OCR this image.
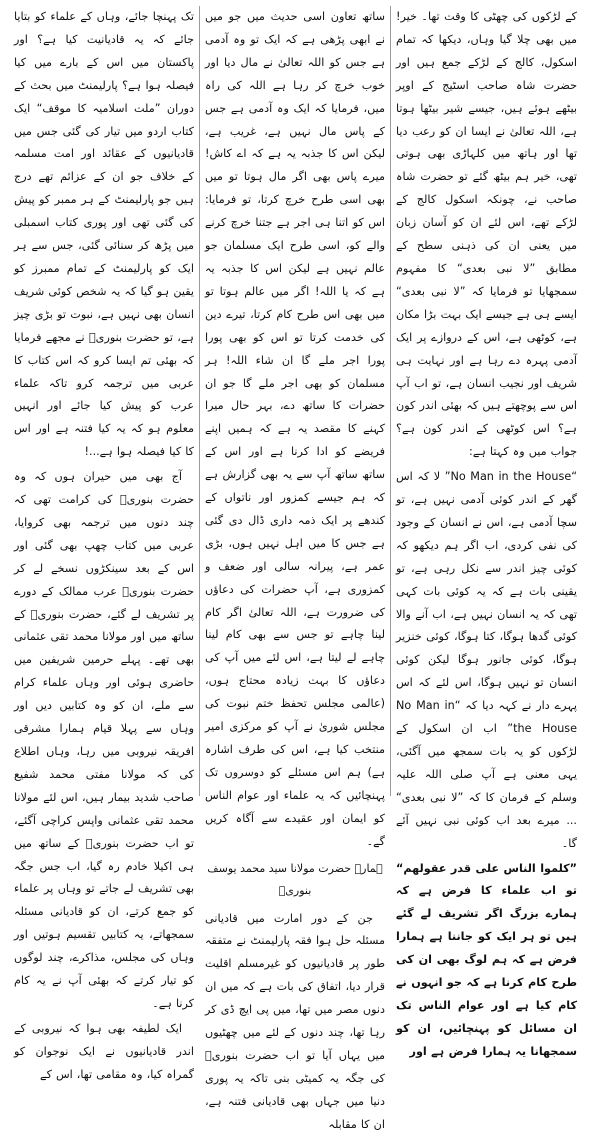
کے لڑکوں کی چھٹی کا وقت تھا۔ خیر! میں بھی چلا گیا وہاں، دیکھا کہ تمام اسکول، کالج کے لڑکے جمع ہیں اور حضرت شاہ صاحب اسٹیج کے اوپر بیٹھے ہوئے ہیں، جیسے شیر بیٹھا ہوتا ہے، اللہ تعالیٰ نے ایسا ان کو رعب دیا تھا اور ہاتھ میں کلہاڑی بھی ہوتی تھی، خیر ہم بیٹھ گئے تو حضرت شاہ صاحب نے، چونکہ اسکول کالج کے لڑکے تھے، اس لئے ان کو آسان زبان میں یعنی ان کی ذہنی سطح کے مطابق ”لا نبی بعدی“ کا مفہوم سمجھایا تو فرمایا کہ ”لا نبی بعدی“ ایسے ہی ہے جیسے ایک بہت بڑا مکان ہے، کوٹھی ہے، اس کے دروازے پر ایک آدمی پہرہ دے رہا ہے اور نہایت ہی شریف اور نجیب انسان ہے، تو اب آپ اس سے پوچھتے ہیں کہ بھئی اندر کون ہے؟ اس کوٹھی کے اندر کون ہے؟ جواب میں وہ کہتا ہے:

“No Man in the House” لا کہ اس گھر کے اندر کوئی آدمی نہیں ہے، تو سچا آدمی ہے، اس نے انسان کے وجود کی نفی کردی، اب اگر ہم دیکھو کہ کوئی چیز اندر سے نکل رہی ہے، تو یقینی بات ہے کہ یہ کوئی بات کہی تھی کہ یہ انسان نہیں ہے، اب آنے والا کوئی گدھا ہوگا، کتا ہوگا، کوئی خنزیر ہوگا، کوئی جانور ہوگا لیکن کوئی انسان تو نہیں ہوگا، اس لئے کہ اس پہرے دار نے کہہ دیا کہ “No Man in the House” اب ان اسکول کے لڑکوں کو یہ بات سمجھ میں آگئی، یہی معنی ہے آپ صلی اللہ علیہ وسلم کے فرمان کا کہ ”لا نبی بعدی“ ... میرے بعد اب کوئی نبی نہیں آئے گا۔

”کلموا الناس علی قدر عقولھم“ تو اب علماء کا فرض ہے کہ ہمارے بزرگ اگر تشریف لے گئے ہیں تو ہر ایک کو جاننا ہے ہمارا فرض ہے کہ ہم لوگ بھی ان کی طرح کام کرنا ہے کہ جو انہوں نے کام کیا ہے اور عوام الناس تک ان مسائل کو پہنچائیں، ان کو سمجھانا یہ ہمارا فرض ہے اور

ساتھ تعاون اسی حدیث میں جو میں نے ابھی پڑھی ہے کہ ایک تو وہ آدمی ہے جس کو اللہ تعالیٰ نے مال دیا اور خوب خرچ کر رہا ہے اللہ کی راہ میں، فرمایا کہ ایک وہ آدمی ہے جس کے پاس مال نہیں ہے، غریب ہے، لیکن اس کا جذبہ یہ ہے کہ اے کاش! میرے پاس بھی اگر مال ہوتا تو میں بھی اسی طرح خرچ کرتا، تو فرمایا: اس کو اتنا ہی اجر ہے جتنا خرچ کرنے والے کو، اسی طرح ایک مسلمان جو عالم نہیں ہے لیکن اس کا جذبہ یہ ہے کہ یا اللہ! اگر میں عالم ہوتا تو میں بھی اس طرح کام کرتا، تیرے دین کی خدمت کرتا تو اس کو بھی پورا پورا اجر ملے گا ان شاء اللہ! ہر مسلمان کو بھی اجر ملے گا جو ان حضرات کا ساتھ دے، بہر حال میرا کہنے کا مقصد یہ ہے کہ ہمیں اپنے فریضے کو ادا کرنا ہے اور اس کے ساتھ ساتھ آپ سے یہ بھی گزارش ہے کہ ہم جیسے کمزور اور ناتواں کے کندھے پر ایک ذمہ داری ڈال دی گئی ہے جس کا میں اہل نہیں ہوں، بڑی عمر ہے، پیرانہ سالی اور ضعف و کمزوری ہے، آپ حضرات کی دعاؤں کی ضرورت ہے، اللہ تعالیٰ اگر کام لینا چاہے تو جس سے بھی کام لینا چاہے لے لیتا ہے، اس لئے میں آپ کی دعاؤں کا بہت زیادہ محتاج ہوں، (عالمی مجلس تحفظ ختم نبوت کی مجلس شوریٰ نے آپ کو مرکزی امیر منتخب کیا ہے، اس کی طرف اشارہ ہے) ہم اس مسئلے کو دوسروں تک پہنچائیں کہ یہ علماء اور عوام الناس کو ایمان اور عقیدے سے آگاہ کریں گے۔

ہمارے حضرت مولانا سید محمد یوسف بنوریؒ

جن کے دور امارت میں قادیانی مسئلہ حل ہوا فقہ پارلیمنٹ نے متفقہ طور پر قادیانیوں کو غیرمسلم اقلیت قرار دیا، اتفاق کی بات ہے کہ میں ان دنوں مصر میں تھا، میں پی ایچ ڈی کر رہا تھا، چند دنوں کے لئے میں چھٹیوں میں یہاں آیا تو اب حضرت بنوریؒ کی جگہ یہ کمیٹی بنی تاکہ یہ پوری دنیا میں جہاں بھی قادیانی فتنہ ہے، ان کا مقابلہ

تک پہنچا جائے، وہاں کے علماء کو بتایا جائے کہ یہ قادیانیت کیا ہے؟ اور پاکستان میں اس کے بارے میں کیا فیصلہ ہوا ہے؟ پارلیمنٹ میں بحث کے دوران ”ملت اسلامیہ کا موقف“ ایک کتاب اردو میں تیار کی گئی جس میں قادیانیوں کے عقائد اور امت مسلمہ کے خلاف جو ان کے عزائم تھے درج ہیں جو پارلیمنٹ کے ہر ممبر کو پیش کی گئی تھی اور پوری کتاب اسمبلی میں پڑھ کر سنائی گئی، جس سے ہر ایک کو پارلیمنٹ کے تمام ممبرز کو یقین ہو گیا کہ یہ شخص کوئی شریف انسان بھی نہیں ہے، نبوت تو بڑی چیز ہے، تو حضرت بنوریؒ نے مجھے فرمایا کہ بھئی تم ایسا کرو کہ اس کتاب کا عربی میں ترجمہ کرو تاکہ علماء عرب کو پیش کیا جائے اور انہیں معلوم ہو کہ یہ کیا فتنہ ہے اور اس کا کیا فیصلہ ہوا ہے...!

آج بھی میں حیران ہوں کہ وہ حضرت بنوریؒ کی کرامت تھی کہ چند دنوں میں ترجمہ بھی کروایا، عربی میں کتاب چھپ بھی گئی اور اس کے بعد سینکڑوں نسخے لے کر حضرت بنوریؒ عرب ممالک کے دورے پر تشریف لے گئے، حضرت بنوریؒ کے ساتھ میں اور مولانا محمد تقی عثمانی بھی تھے۔ پہلے حرمین شریفین میں حاضری ہوئی اور وہاں علماء کرام سے ملے، ان کو وہ کتابیں دیں اور وہاں سے پہلا قیام ہمارا مشرقی افریقہ نیروبی میں رہا، وہاں اطلاع کی کہ مولانا مفتی محمد شفیع صاحب شدید بیمار ہیں، اس لئے مولانا محمد تقی عثمانی واپس کراچی آگئے، تو اب حضرت بنوریؒ کے ساتھ میں ہی اکیلا خادم رہ گیا، اب جس جگہ بھی تشریف لے جاتے تو وہاں پر علماء کو جمع کرتے، ان کو قادیانی مسئلہ سمجھاتے، یہ کتابیں تقسیم ہوتیں اور وہاں کی مجلس، مذاکرے، چند لوگوں کو تیار کرتے کہ بھئی آپ نے یہ کام کرنا ہے۔

ایک لطیفہ بھی ہوا کہ نیروبی کے اندر قادیانیوں نے ایک نوجوان کو گمراہ کیا، وہ مقامی تھا، اس کے
